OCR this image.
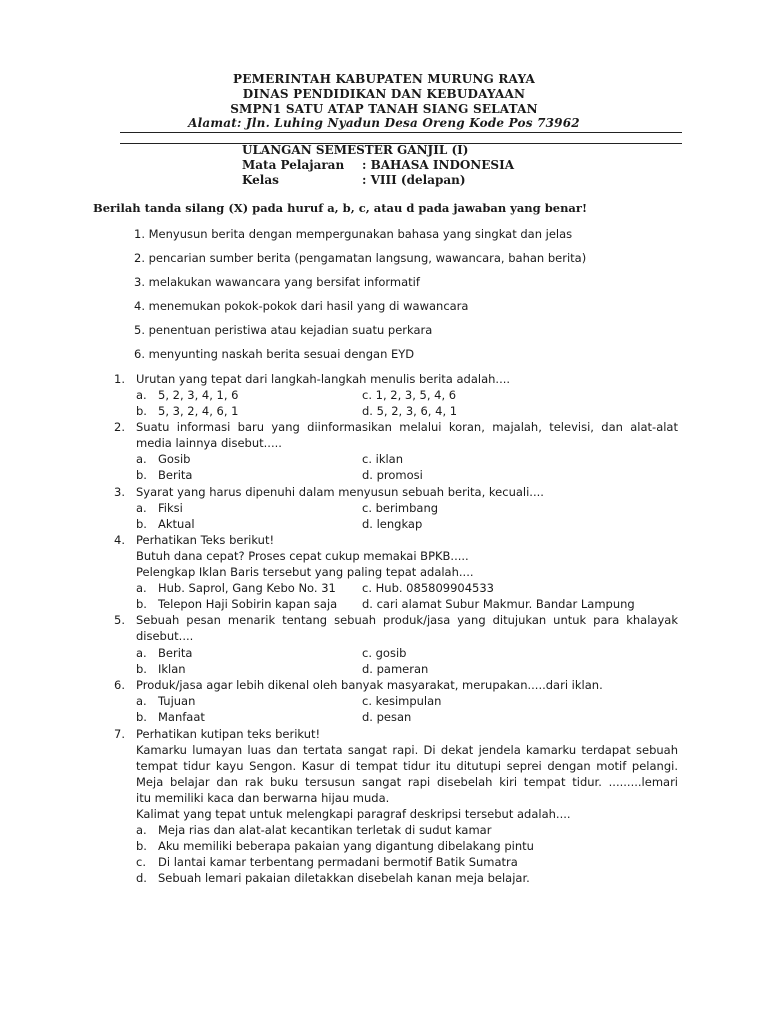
PEMERINTAH KABUPATEN MURUNG RAYA
DINAS PENDIDIKAN DAN KEBUDAYAAN
SMPN1 SATU ATAP TANAH SIANG SELATAN
Alamat: Jln. Luhing Nyadun Desa Oreng Kode Pos 73962
ULANGAN SEMESTER GANJIL (I)
Mata Pelajaran : BAHASA INDONESIA
Kelas	: VIII (delapan)
Berilah tanda silang (X) pada huruf a, b, c, atau d pada jawaban yang benar!
1. Menyusun berita dengan mempergunakan bahasa yang singkat dan jelas
2. pencarian sumber berita (pengamatan langsung, wawancara, bahan berita)
3. melakukan wawancara yang bersifat informatif
4. menemukan pokok-pokok dari hasil yang di wawancara
5. penentuan peristiwa atau kejadian suatu perkara
6. menyunting naskah berita sesuai dengan EYD
1. Urutan yang tepat dari langkah-langkah menulis berita adalah....
a. 5, 2, 3, 4, 1, 6	c. 1, 2, 3, 5, 4, 6
b. 5, 3, 2, 4, 6, 1	d. 5, 2, 3, 6, 4, 1
2. Suatu informasi baru yang diinformasikan melalui koran, majalah, televisi, dan alat-alat
media lainnya disebut.....
a. Gosib	c. iklan
b. Berita	d. promosi
3. Syarat yang harus dipenuhi dalam menyusun sebuah berita, kecuali....
a. Fiksi	c. berimbang
b. Aktual	d. lengkap
4. Perhatikan Teks berikut!
Butuh dana cepat? Proses cepat cukup memakai BPKB.....
Pelengkap Iklan Baris tersebut yang paling tepat adalah....
a. Hub. Saprol, Gang Kebo No. 31 c. Hub. 085809904533
b. Telepon Haji Sobirin kapan saja d. cari alamat Subur Makmur. Bandar Lampung
5. Sebuah pesan menarik tentang sebuah produk/jasa yang ditujukan untuk para khalayak
disebut....
a. Berita	c. gosib
b. Iklan	d. pameran
6. Produk/jasa agar lebih dikenal oleh banyak masyarakat, merupakan.....dari iklan.
a. Tujuan	c. kesimpulan
b. Manfaat	d. pesan
7. Perhatikan kutipan teks berikut!
Kamarku lumayan luas dan tertata sangat rapi. Di dekat jendela kamarku terdapat sebuah
tempat tidur kayu Sengon. Kasur di tempat tidur itu ditutupi seprei dengan motif pelangi.
Meja belajar dan rak buku tersusun sangat rapi disebelah kiri tempat tidur. .........lemari
itu memiliki kaca dan berwarna hijau muda.
Kalimat yang tepat untuk melengkapi paragraf deskripsi tersebut adalah....
a. Meja rias dan alat-alat kecantikan terletak di sudut kamar
b. Aku memiliki beberapa pakaian yang digantung dibelakang pintu
c. Di lantai kamar terbentang permadani bermotif Batik Sumatra
d. Sebuah lemari pakaian diletakkan disebelah kanan meja belajar.
